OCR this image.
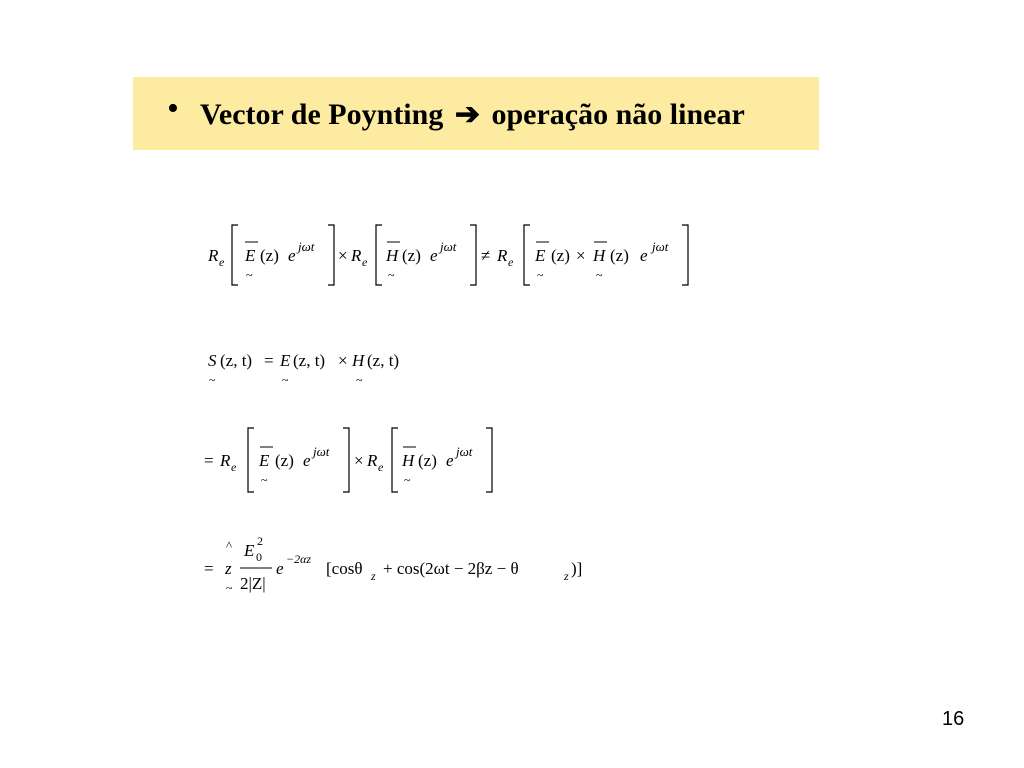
• Vector de Poynting ➔ operação não linear
R e E
~
(z) e jωt × R e H
~
(z) e jωt ≠ R e E
~
(z) × H
~
(z) e jωt
S
~
(z, t) = E
~
(z, t) × H
~
(z, t)
= R e E
~
(z) e jωt × R e H
~
(z) e jωt
=
^
z
~
E 0
2
2|Z|
e −2αz [cosθ z + cos(2ωt − 2βz − θ	z )]
16
